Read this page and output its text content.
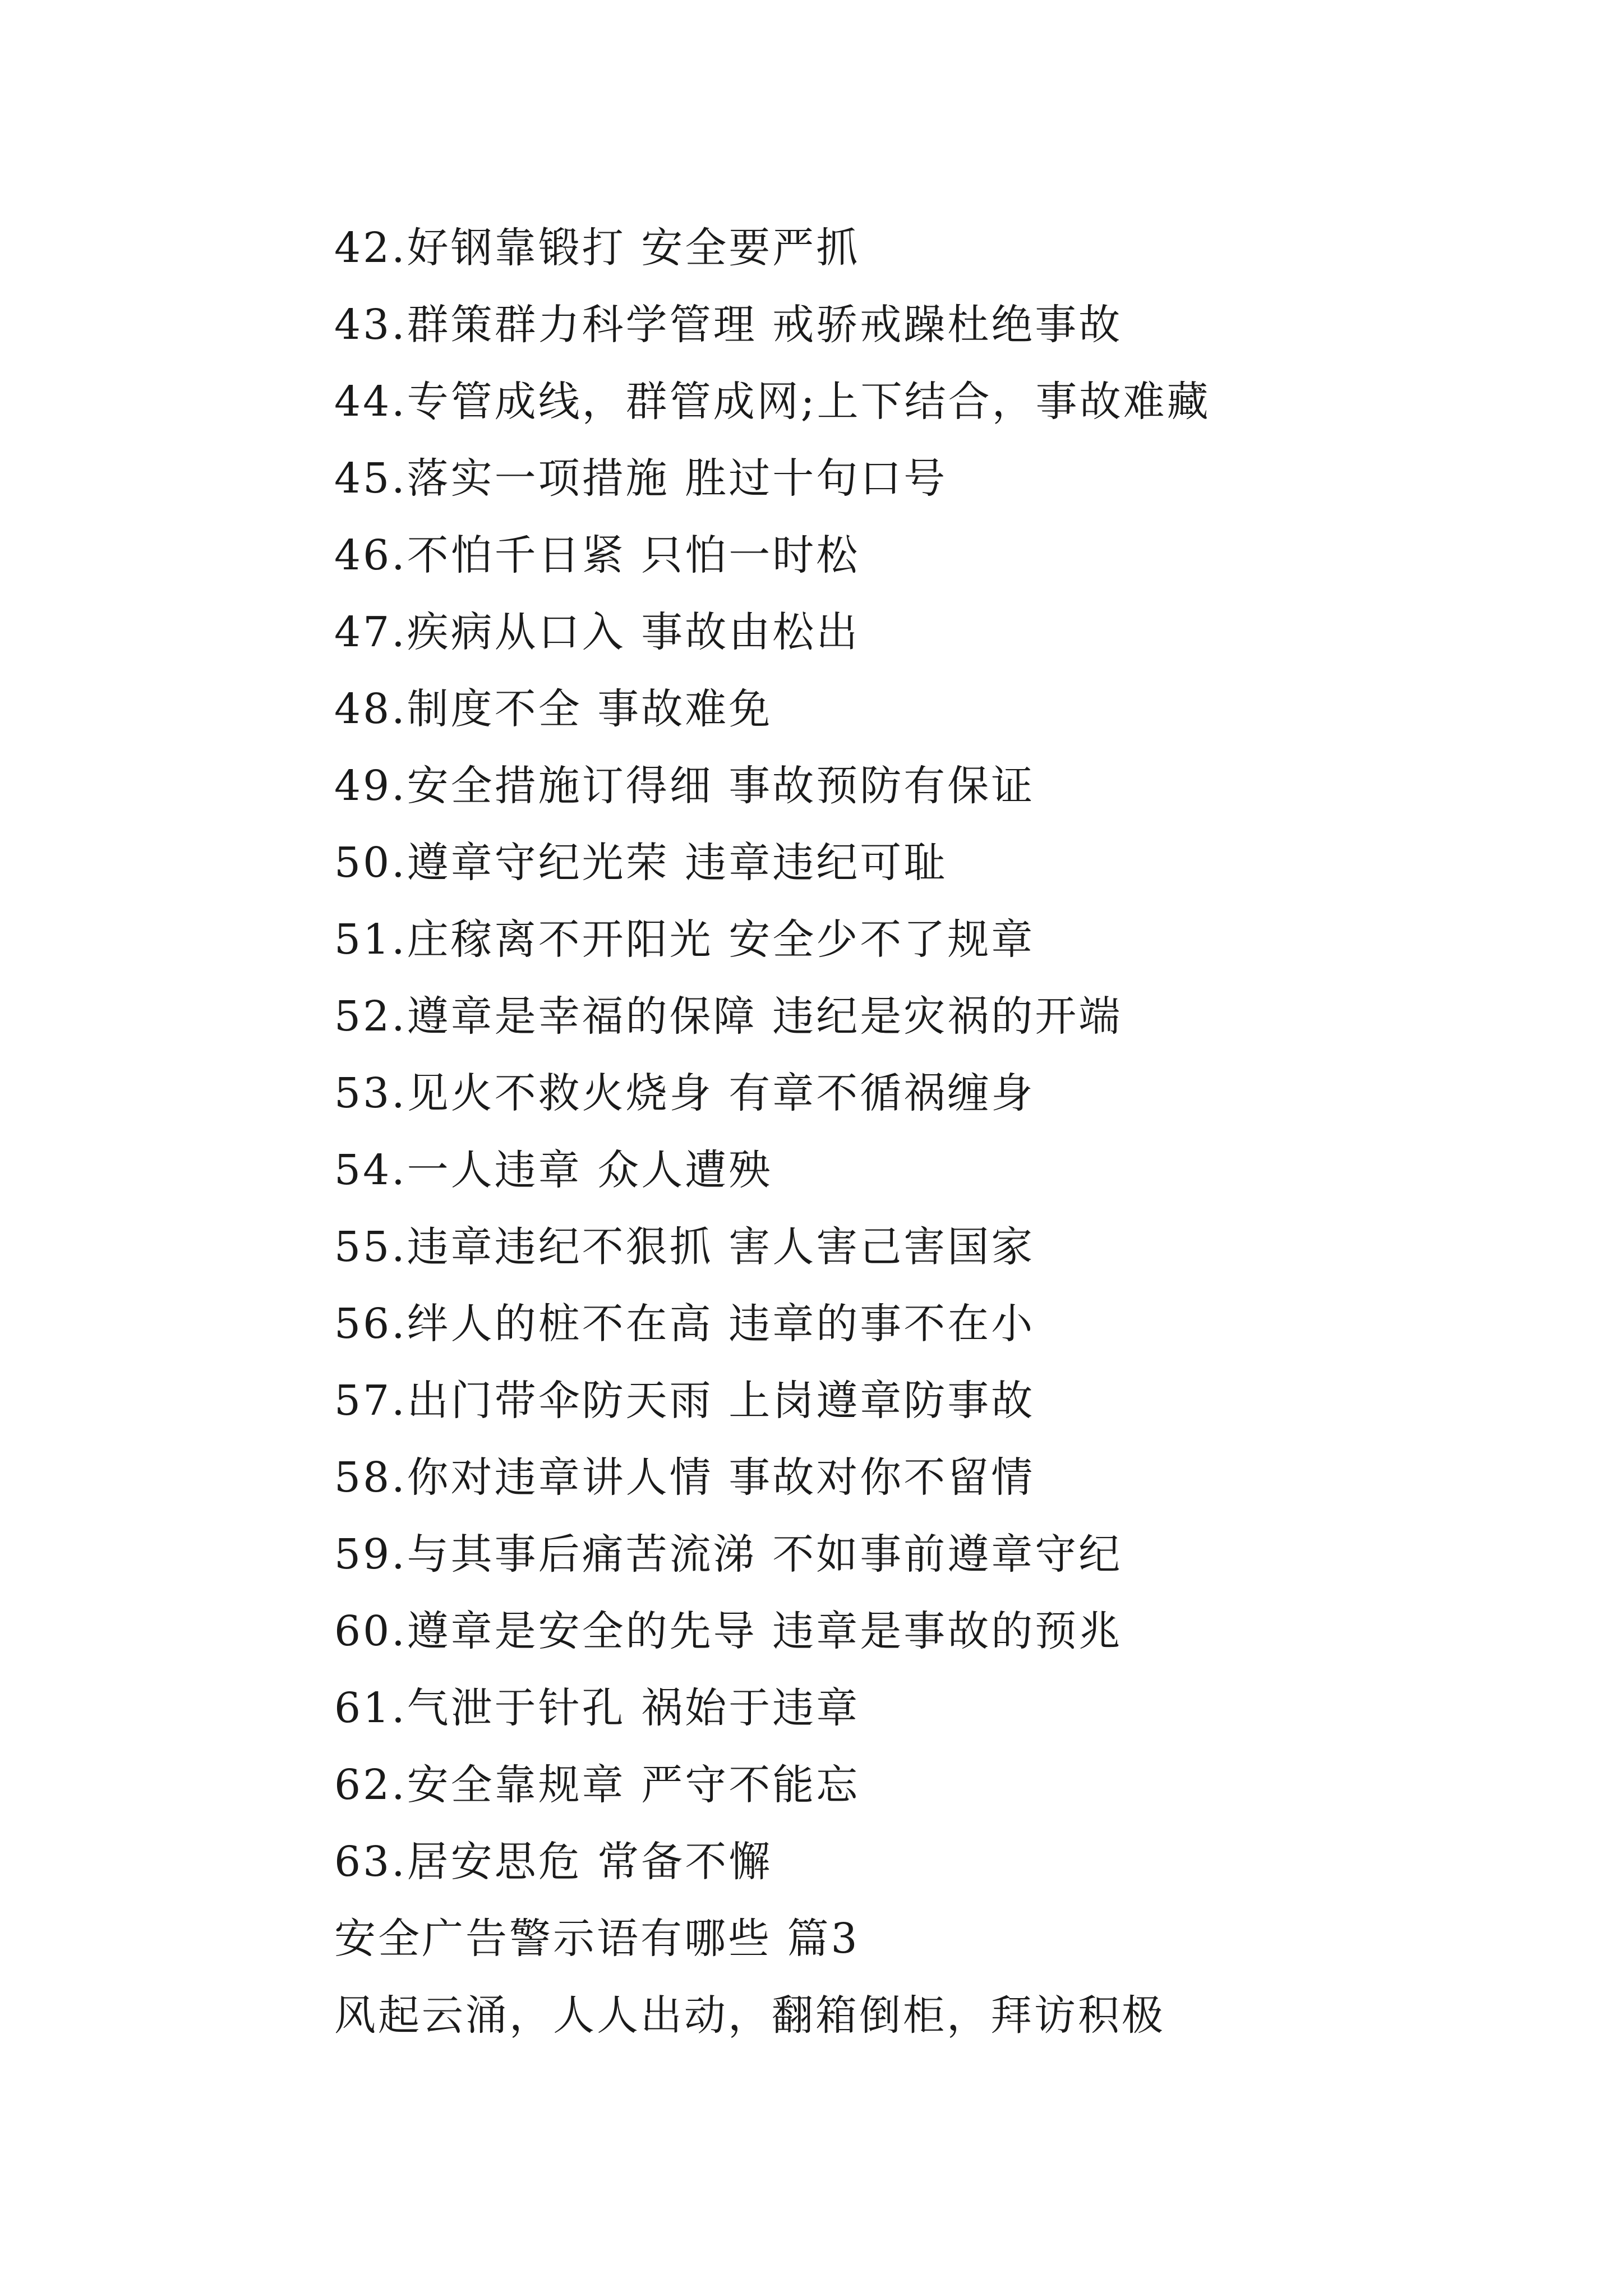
42.好钢靠锻打 安全要严抓
43.群策群力科学管理 戒骄戒躁杜绝事故
44.专管成线，群管成网;上下结合，事故难藏
45.落实一项措施 胜过十句口号
46.不怕千日紧 只怕一时松
47.疾病从口入 事故由松出
48.制度不全 事故难免
49.安全措施订得细 事故预防有保证
50.遵章守纪光荣 违章违纪可耻
51.庄稼离不开阳光 安全少不了规章
52.遵章是幸福的保障 违纪是灾祸的开端
53.见火不救火烧身 有章不循祸缠身
54.一人违章 众人遭殃
55.违章违纪不狠抓 害人害己害国家
56.绊人的桩不在高 违章的事不在小
57.出门带伞防天雨 上岗遵章防事故
58.你对违章讲人情 事故对你不留情
59.与其事后痛苦流涕 不如事前遵章守纪
60.遵章是安全的先导 违章是事故的预兆
61.气泄于针孔 祸始于违章
62.安全靠规章 严守不能忘
63.居安思危 常备不懈
安全广告警示语有哪些 篇3
风起云涌，人人出动，翻箱倒柜，拜访积极
